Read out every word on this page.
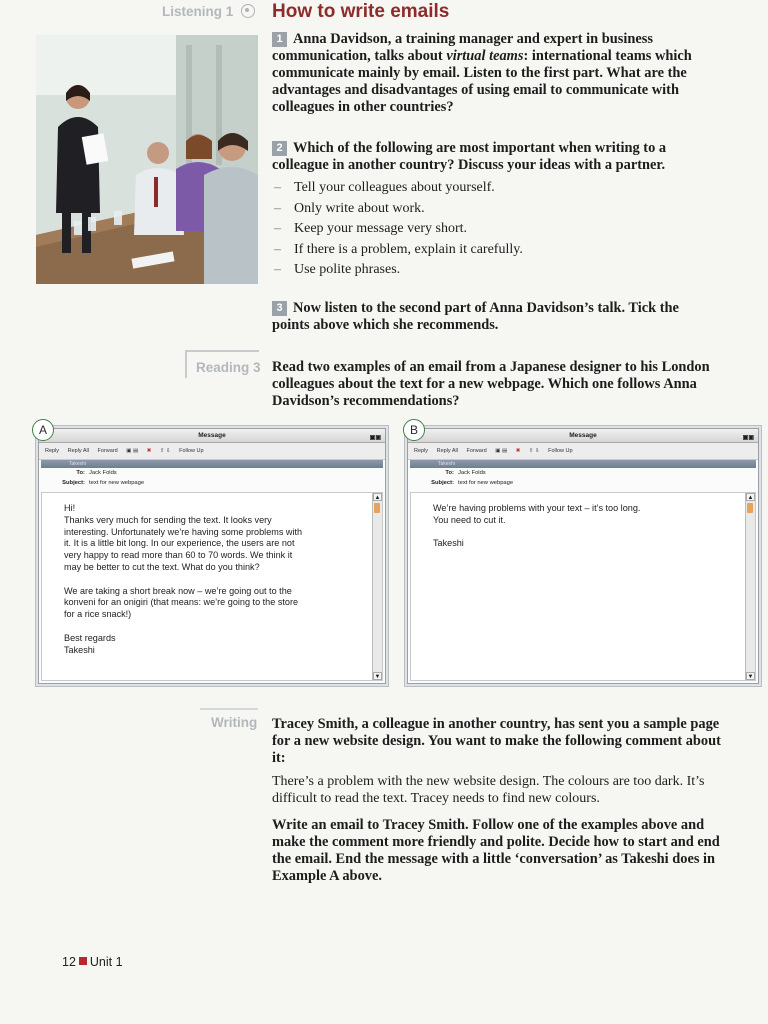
Listening 1	How to write emails
1 Anna Davidson, a training manager and expert in business communication, talks about virtual teams: international teams which communicate mainly by email. Listen to the first part. What are the advantages and disadvantages of using email to communicate with colleagues in other countries?
2 Which of the following are most important when writing to a colleague in another country? Discuss your ideas with a partner.
– Tell your colleagues about yourself.
– Only write about work.
– Keep your message very short.
– If there is a problem, explain it carefully.
– Use polite phrases.
3 Now listen to the second part of Anna Davidson’s talk. Tick the points above which she recommends.
Reading 3 Read two examples of an email from a Japanese designer to his London colleagues about the text for a new webpage. Which one follows Anna Davidson’s recommendations?
Message	▣▣
Reply Reply All Forward ▣ ▤ ✖ ⇧ ⇩ Follow Up
Takeshi
To: Jack Folds
Subject: text for new webpage

Hi!
Thanks very much for sending the text. It looks very
interesting. Unfortunately we’re having some problems with
it. It is a little bit long. In our experience, the users are not
very happy to read more than 60 to 70 words. We think it
may be better to cut the text. What do you think?

We are taking a short break now – we’re going out to the
konveni for an onigiri (that means: we’re going to the store
for a rice snack!)

Best regards
Takeshi

▲
▼
A	Message	▣▣
Reply Reply All Forward ▣ ▤ ✖ ⇧ ⇩ Follow Up
Takeshi
To: Jack Folds
Subject: text for new webpage

We’re having problems with your text – it’s too long.
You need to cut it.

Takeshi

▲
▼
B
Writing Tracey Smith, a colleague in another country, has sent you a sample page for a new website design. You want to make the following comment about it:
There’s a problem with the new website design. The colours are too dark. It’s difficult to read the text. Tracey needs to find new colours.
Write an email to Tracey Smith. Follow one of the examples above and make the comment more friendly and polite. Decide how to start and end the email. End the message with a little ‘conversation’ as Takeshi does in Example A above.
12 Unit 1
